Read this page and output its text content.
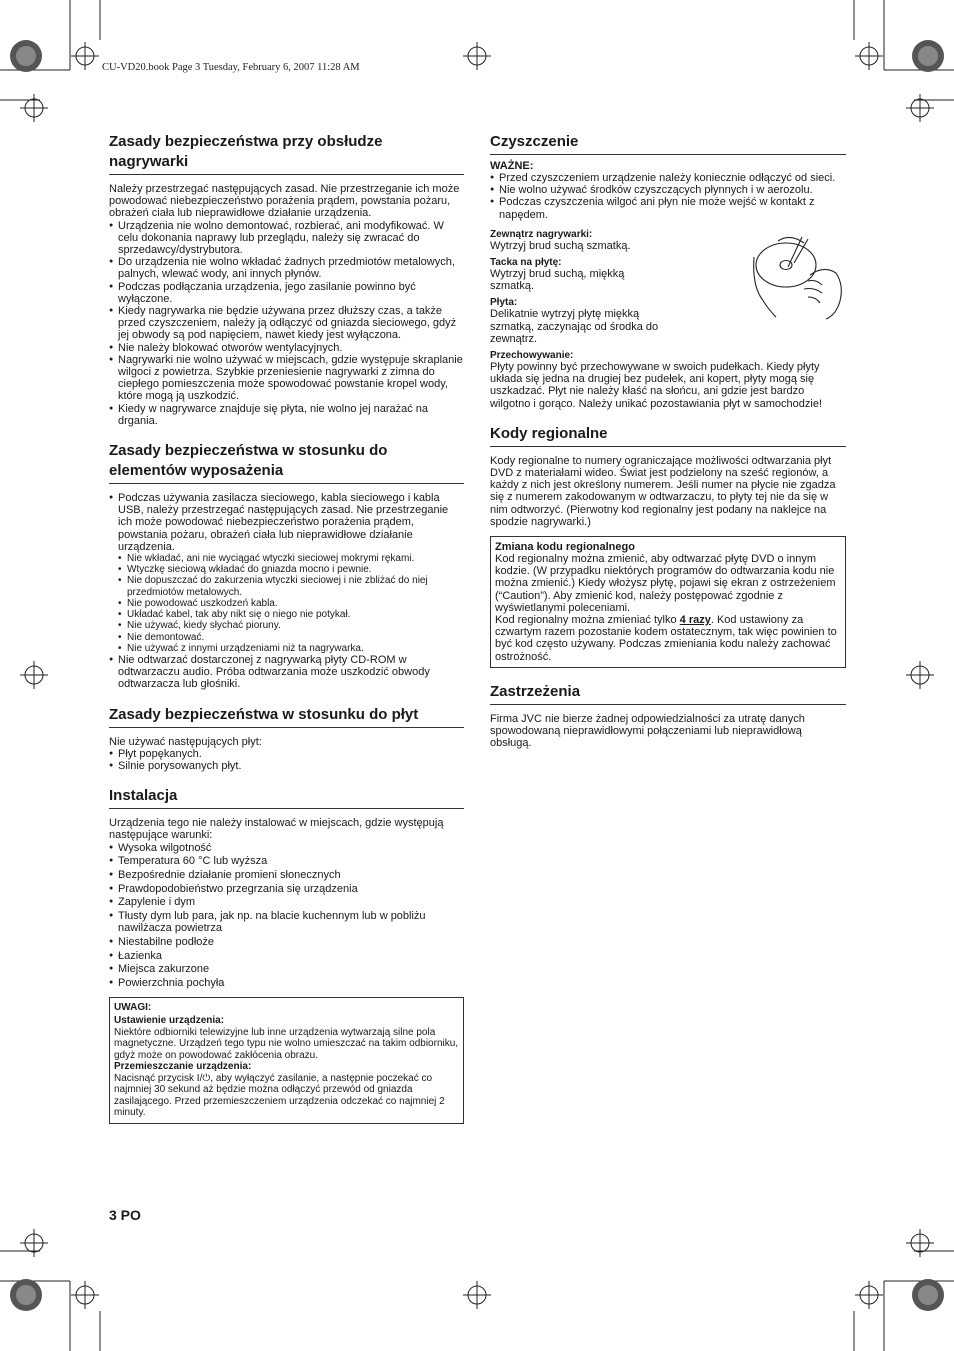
CU-VD20.book Page 3 Tuesday, February 6, 2007 11:28 AM
Zasady bezpieczeństwa przy obsłudze nagrywarki

Należy przestrzegać następujących zasad. Nie przestrzeganie ich może powodować niebezpieczeństwo porażenia prądem, powstania pożaru, obrażeń ciała lub nieprawidłowe działanie urządzenia.

● Urządzenia nie wolno demontować, rozbierać, ani modyfikować. W celu dokonania naprawy lub przeglądu, należy się zwracać do sprzedawcy/dystrybutora.
● Do urządzenia nie wolno wkładać żadnych przedmiotów metalowych, palnych, wlewać wody, ani innych płynów.
● Podczas podłączania urządzenia, jego zasilanie powinno być wyłączone.
● Kiedy nagrywarka nie będzie używana przez dłuższy czas, a także przed czyszczeniem, należy ją odłączyć od gniazda sieciowego, gdyż jej obwody są pod napięciem, nawet kiedy jest wyłączona.
● Nie należy blokować otworów wentylacyjnych.
● Nagrywarki nie wolno używać w miejscach, gdzie występuje skraplanie wilgoci z powietrza. Szybkie przeniesienie nagrywarki z zimna do ciepłego pomieszczenia może spowodować powstanie kropel wody, które mogą ją uszkodzić.
● Kiedy w nagrywarce znajduje się płyta, nie wolno jej narażać na drgania.
Zasady bezpieczeństwa w stosunku do elementów wyposażenia
● Podczas używania zasilacza sieciowego, kabla sieciowego i kabla USB, należy przestrzegać następujących zasad. Nie przestrzeganie ich może powodować niebezpieczeństwo porażenia prądem, powstania pożaru, obrażeń ciała lub nieprawidłowe działanie urządzenia.
• Nie wkładać, ani nie wyciągać wtyczki sieciowej mokrymi rękami.
• Wtyczkę sieciową wkładać do gniazda mocno i pewnie.
• Nie dopuszczać do zakurzenia wtyczki sieciowej i nie zbliżać do niej przedmiotów metalowych.
• Nie powodować uszkodzeń kabla.
• Układać kabel, tak aby nikt się o niego nie potykał.
• Nie używać, kiedy słychać pioruny.
• Nie demontować.
• Nie używać z innymi urządzeniami niż ta nagrywarka.
● Nie odtwarzać dostarczonej z nagrywarką płyty CD-ROM w odtwarzaczu audio. Próba odtwarzania może uszkodzić obwody odtwarzacza lub głośniki.
Zasady bezpieczeństwa w stosunku do płyt

Nie używać następujących płyt:

● Płyt popękanych.
● Silnie porysowanych płyt.
Instalacja

Urządzenia tego nie należy instalować w miejscach, gdzie występują następujące warunki:

● Wysoka wilgotność
● Temperatura 60 °C lub wyższa
● Bezpośrednie działanie promieni słonecznych
● Prawdopodobieństwo przegrzania się urządzenia
● Zapylenie i dym
● Tłusty dym lub para, jak np. na blacie kuchennym lub w pobliżu nawilżacza powietrza
● Niestabilne podłoże
● Łazienka
● Miejsca zakurzone
● Powierzchnia pochyła
UWAGI:
Ustawienie urządzenia:

Niektóre odbiorniki telewizyjne lub inne urządzenia wytwarzają silne pola magnetyczne. Urządzeń tego typu nie wolno umieszczać na takim odbiorniku, gdyż może on powodować zakłócenia obrazu.

Przemieszczanie urządzenia:

Nacisnąć przycisk I/⏻, aby wyłączyć zasilanie, a następnie poczekać co najmniej 30 sekund aż będzie można odłączyć przewód od gniazda zasilającego. Przed przemieszczeniem urządzenia odczekać co najmniej 2 minuty.

Czyszczenie
WAŻNE:
● Przed czyszczeniem urządzenie należy koniecznie odłączyć od sieci.
● Nie wolno używać środków czyszczących płynnych i w aerozolu.
● Podczas czyszczenia wilgoć ani płyn nie może wejść w kontakt z napędem.
Zewnątrz nagrywarki:

Wytrzyj brud suchą szmatką.

Tacka na płytę:

Wytrzyj brud suchą, miękką szmatką.

Płyta:

Delikatnie wytrzyj płytę miękką szmatką, zaczynając od środka do zewnątrz.

Przechowywanie:

Płyty powinny być przechowywane w swoich pudełkach. Kiedy płyty układa się jedna na drugiej bez pudełek, ani kopert, płyty mogą się uszkadzać. Płyt nie należy kłaść na słońcu, ani gdzie jest bardzo wilgotno i gorąco. Należy unikać pozostawiania płyt w samochodzie!

Kody regionalne

Kody regionalne to numery ograniczające możliwości odtwarzania płyt DVD z materiałami wideo. Świat jest podzielony na sześć regionów, a każdy z nich jest określony numerem. Jeśli numer na płycie nie zgadza się z numerem zakodowanym w odtwarzaczu, to płyty tej nie da się w nim odtworzyć. (Pierwotny kod regionalny jest podany na naklejce na spodzie nagrywarki.)

Zmiana kodu regionalnego

Kod regionalny można zmienić, aby odtwarzać płytę DVD o innym kodzie. (W przypadku niektórych programów do odtwarzania kodu nie można zmienić.) Kiedy włożysz płytę, pojawi się ekran z ostrzeżeniem (“Caution”). Aby zmienić kod, należy postępować zgodnie z wyświetlanymi poleceniami.

Kod regionalny można zmieniać tylko 4 razy. Kod ustawiony za czwartym razem pozostanie kodem ostatecznym, tak więc powinien to być kod często używany. Podczas zmieniania kodu należy zachować ostrożność.

Zastrzeżenia

Firma JVC nie bierze żadnej odpowiedzialności za utratę danych spowodowaną nieprawidłowymi połączeniami lub nieprawidłową obsługą.

3 PO
